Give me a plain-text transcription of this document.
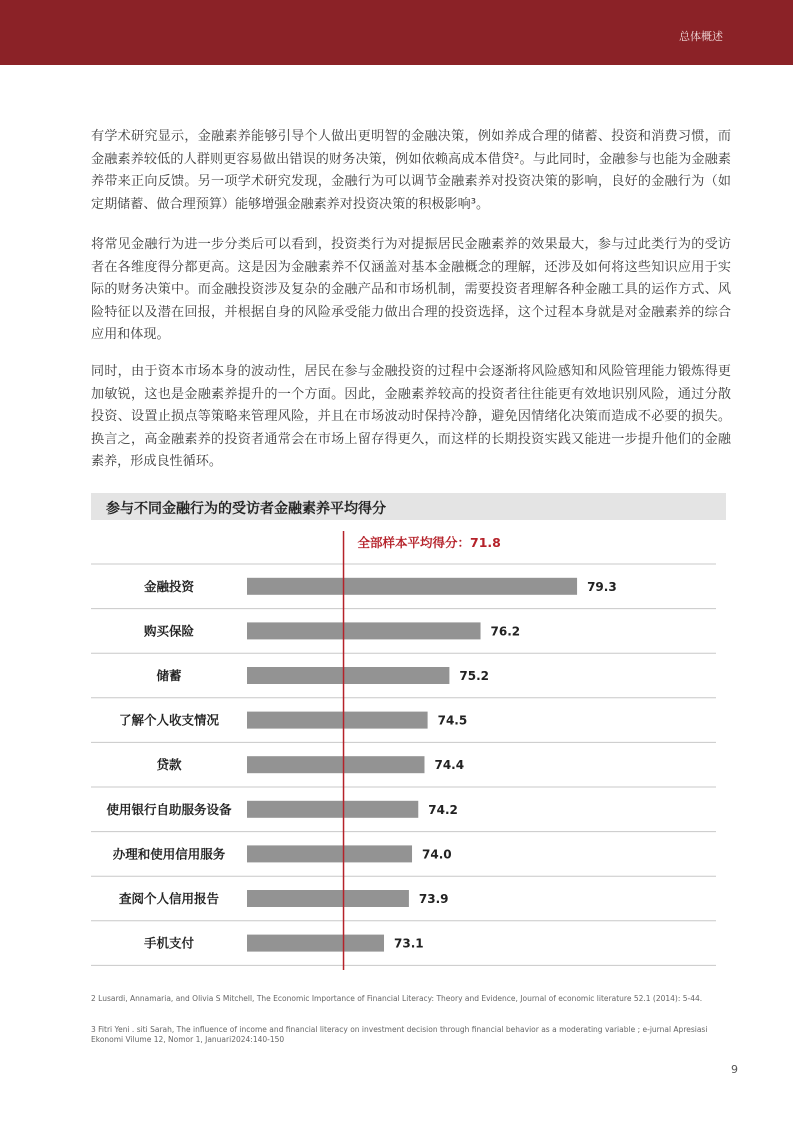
总体概述

有学术研究显示，金融素养能够引导个人做出更明智的金融决策，例如养成合理的储蓄、投资和消费习惯，而金融素养较低的人群则更容易做出错误的财务决策，例如依赖高成本借贷²。与此同时，金融参与也能为金融素养带来正向反馈。另一项学术研究发现，金融行为可以调节金融素养对投资决策的影响，良好的金融行为（如定期储蓄、做合理预算）能够增强金融素养对投资决策的积极影响³。

将常见金融行为进一步分类后可以看到，投资类行为对提振居民金融素养的效果最大，参与过此类行为的受访者在各维度得分都更高。这是因为金融素养不仅涵盖对基本金融概念的理解，还涉及如何将这些知识应用于实际的财务决策中。而金融投资涉及复杂的金融产品和市场机制，需要投资者理解各种金融工具的运作方式、风险特征以及潜在回报，并根据自身的风险承受能力做出合理的投资选择，这个过程本身就是对金融素养的综合应用和体现。

同时，由于资本市场本身的波动性，居民在参与金融投资的过程中会逐渐将风险感知和风险管理能力锻炼得更加敏锐，这也是金融素养提升的一个方面。因此，金融素养较高的投资者往往能更有效地识别风险，通过分散投资、设置止损点等策略来管理风险，并且在市场波动时保持冷静，避免因情绪化决策而造成不必要的损失。换言之，高金融素养的投资者通常会在市场上留存得更久，而这样的长期投资实践又能进一步提升他们的金融素养，形成良性循环。

参与不同金融行为的受访者金融素养平均得分
金融投资	79.3
购买保险	76.2
储蓄	75.2
了解个人收支情况	74.5
贷款	74.4
使用银行自助服务设备	74.2
办理和使用信用服务	74.0
查阅个人信用报告	73.9
手机支付	73.1
全部样本平均得分：71.8

2 Lusardi, Annamaria, and Olivia S Mitchell, The Economic Importance of Financial Literacy: Theory and Evidence, Journal of economic literature 52.1 (2014): 5-44.

3 Fitri Yeni . siti Sarah, The influence of income and financial literacy on investment decision through financial behavior as a moderating variable ; e-jurnal Apresiasi Ekonomi Vilume 12, Nomor 1, Januari2024:140-150

9
